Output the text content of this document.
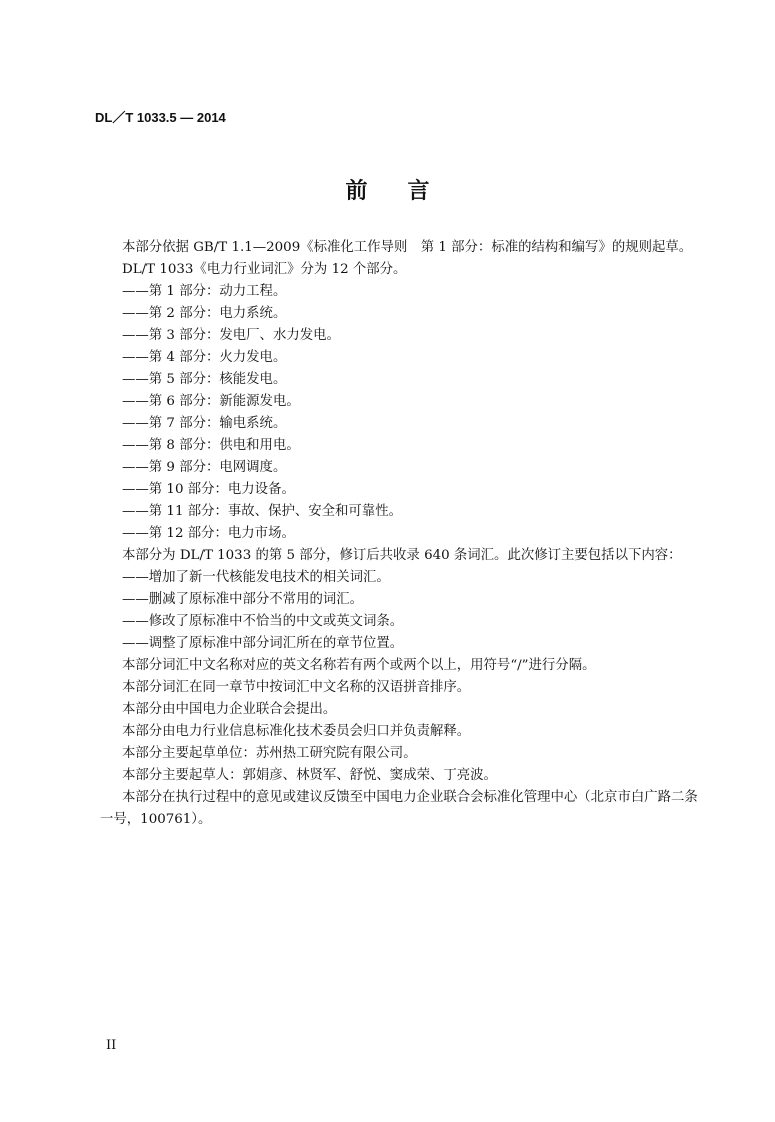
DL／T 1033.5 — 2014
前言
本部分依据 GB/T 1.1—2009《标准化工作导则　第 1 部分：标准的结构和编写》的规则起草。
DL/T 1033《电力行业词汇》分为 12 个部分。
——第 1 部分：动力工程。
——第 2 部分：电力系统。
——第 3 部分：发电厂、水力发电。
——第 4 部分：火力发电。
——第 5 部分：核能发电。
——第 6 部分：新能源发电。
——第 7 部分：输电系统。
——第 8 部分：供电和用电。
——第 9 部分：电网调度。
——第 10 部分：电力设备。
——第 11 部分：事故、保护、安全和可靠性。
——第 12 部分：电力市场。
本部分为 DL/T 1033 的第 5 部分，修订后共收录 640 条词汇。此次修订主要包括以下内容：
——增加了新一代核能发电技术的相关词汇。
——删减了原标准中部分不常用的词汇。
——修改了原标准中不恰当的中文或英文词条。
——调整了原标准中部分词汇所在的章节位置。
本部分词汇中文名称对应的英文名称若有两个或两个以上，用符号“/”进行分隔。
本部分词汇在同一章节中按词汇中文名称的汉语拼音排序。
本部分由中国电力企业联合会提出。
本部分由电力行业信息标准化技术委员会归口并负责解释。
本部分主要起草单位：苏州热工研究院有限公司。
本部分主要起草人：郭娟彦、林贤军、舒悦、窦成荣、丁亮波。
本部分在执行过程中的意见或建议反馈至中国电力企业联合会标准化管理中心（北京市白广路二条一号，100761）。
II
